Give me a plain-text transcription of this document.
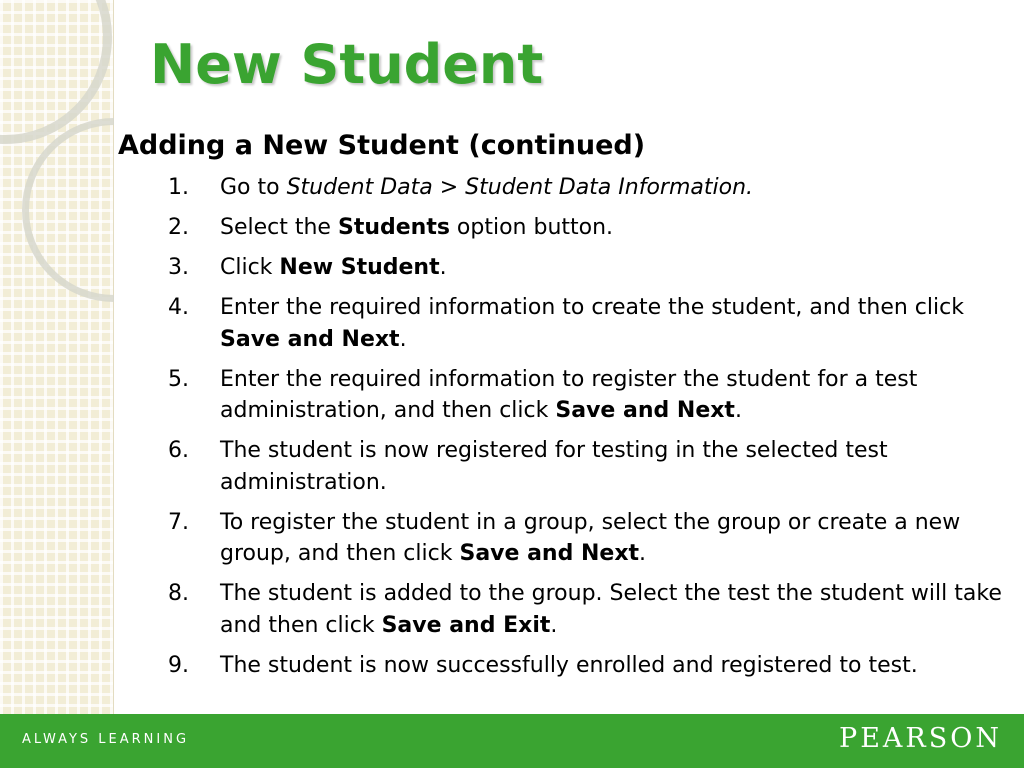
New Student
Adding a New Student (continued)
1.	Go to Student Data > Student Data Information.
2.	Select the Students option button.
3.	Click New Student.
4.	Enter the required information to create the student, and then click Save and Next.
5.	Enter the required information to register the student for a test administration, and then click Save and Next.
6.	The student is now registered for testing in the selected test administration.
7.	To register the student in a group, select the group or create a new group, and then click Save and Next.
8.	The student is added to the group. Select the test the student will take and then click Save and Exit.
9.	The student is now successfully enrolled and registered to test.
ALWAYS LEARNING	PEARSON
